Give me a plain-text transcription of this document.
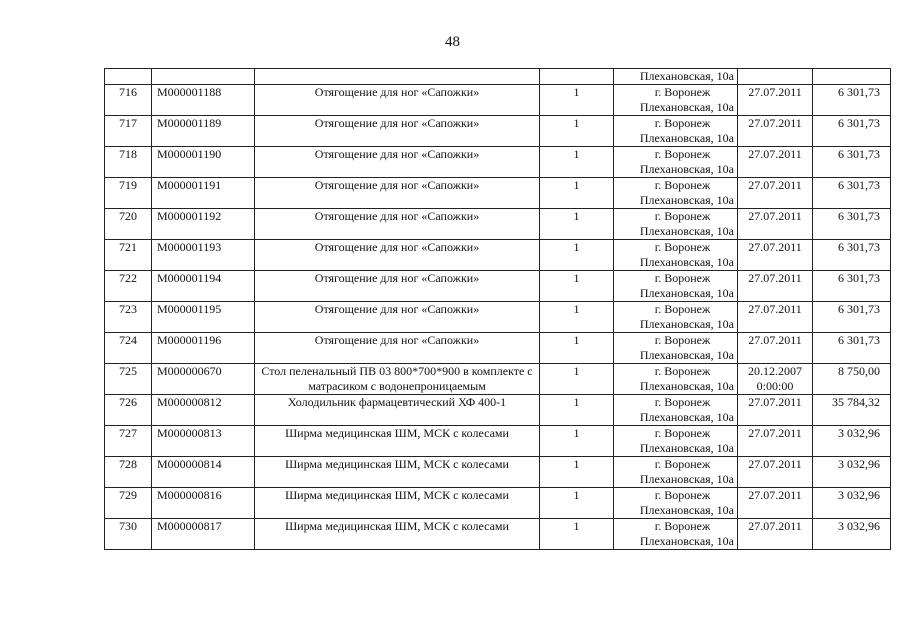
48
				Плехановская, 10а		
716	М000001188	Отягощение для ног «Сапожки»	1	г. Воронеж
Плехановская, 10а	27.07.2011	6 301,73
717	М000001189	Отягощение для ног «Сапожки»	1	г. Воронеж
Плехановская, 10а	27.07.2011	6 301,73
718	М000001190	Отягощение для ног «Сапожки»	1	г. Воронеж
Плехановская, 10а	27.07.2011	6 301,73
719	М000001191	Отягощение для ног «Сапожки»	1	г. Воронеж
Плехановская, 10а	27.07.2011	6 301,73
720	М000001192	Отягощение для ног «Сапожки»	1	г. Воронеж
Плехановская, 10а	27.07.2011	6 301,73
721	М000001193	Отягощение для ног «Сапожки»	1	г. Воронеж
Плехановская, 10а	27.07.2011	6 301,73
722	М000001194	Отягощение для ног «Сапожки»	1	г. Воронеж
Плехановская, 10а	27.07.2011	6 301,73
723	М000001195	Отягощение для ног «Сапожки»	1	г. Воронеж
Плехановская, 10а	27.07.2011	6 301,73
724	М000001196	Отягощение для ног «Сапожки»	1	г. Воронеж
Плехановская, 10а	27.07.2011	6 301,73
725	М000000670	Стол пеленальный ПВ 03 800*700*900 в комплекте с матрасиком с водонепроницаемым	1	г. Воронеж
Плехановская, 10а	20.12.2007
0:00:00	8 750,00
726	М000000812	Холодильник фармацевтический ХФ 400-1	1	г. Воронеж
Плехановская, 10а	27.07.2011	35 784,32
727	М000000813	Ширма медицинская ШМ, МСК с колесами	1	г. Воронеж
Плехановская, 10а	27.07.2011	3 032,96
728	М000000814	Ширма медицинская ШМ, МСК с колесами	1	г. Воронеж
Плехановская, 10а	27.07.2011	3 032,96
729	М000000816	Ширма медицинская ШМ, МСК с колесами	1	г. Воронеж
Плехановская, 10а	27.07.2011	3 032,96
730	М000000817	Ширма медицинская ШМ, МСК с колесами	1	г. Воронеж
Плехановская, 10а	27.07.2011	3 032,96
